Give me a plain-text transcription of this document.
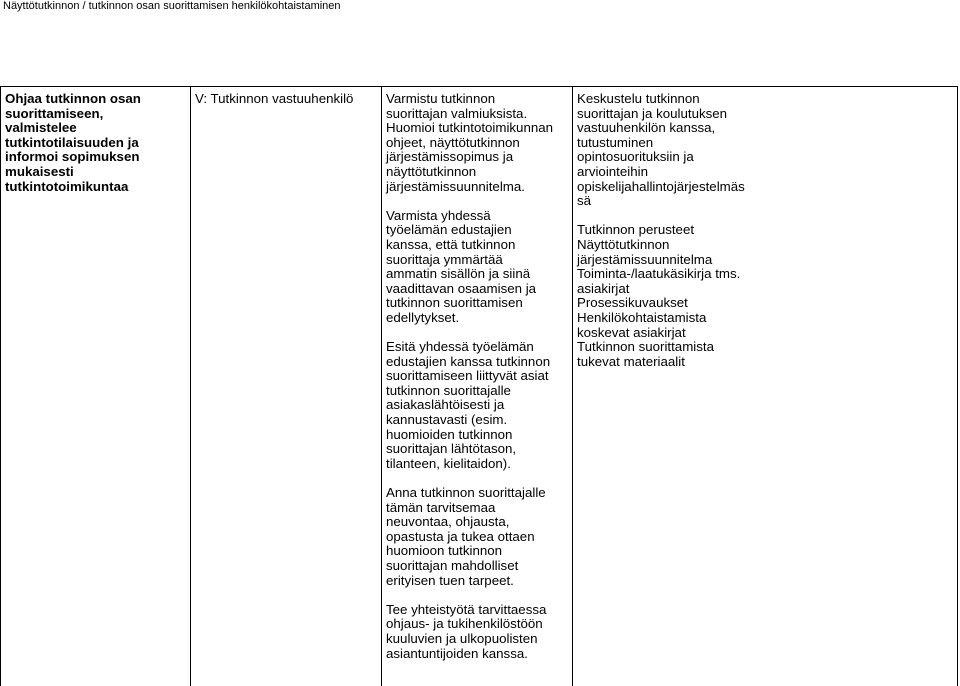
Näyttötutkinnon / tutkinnon osan suorittamisen henkilökohtaistaminen
Ohjaa tutkinnon osan
suorittamiseen,
valmistelee
tutkintotilaisuuden ja
informoi sopimuksen
mukaisesti
tutkintotoimikuntaa
V: Tutkinnon vastuuhenkilö	Varmistu tutkinnon
suorittajan valmiuksista.
Huomioi tutkintotoimikunnan
ohjeet, näyttötutkinnon
järjestämissopimus ja
näyttötutkinnon
järjestämissuunnitelma.
Varmista yhdessä
työelämän edustajien
kanssa, että tutkinnon
suorittaja ymmärtää
ammatin sisällön ja siinä
vaadittavan osaamisen ja
tutkinnon suorittamisen
edellytykset.
Esitä yhdessä työelämän
edustajien kanssa tutkinnon
suorittamiseen liittyvät asiat
tutkinnon suorittajalle
asiakaslähtöisesti ja
kannustavasti (esim.
huomioiden tutkinnon
suorittajan lähtötason,
tilanteen, kielitaidon).
Anna tutkinnon suorittajalle
tämän tarvitsemaa
neuvontaa, ohjausta,
opastusta ja tukea ottaen
huomioon tutkinnon
suorittajan mahdolliset
erityisen tuen tarpeet.
Tee yhteistyötä tarvittaessa
ohjaus- ja tukihenkilöstöön
kuuluvien ja ulkopuolisten
asiantuntijoiden kanssa.
Keskustelu tutkinnon
suorittajan ja koulutuksen
vastuuhenkilön kanssa,
tutustuminen
opintosuorituksiin ja
arviointeihin
opiskelijahallintojärjestelmäs
sä
Tutkinnon perusteet
Näyttötutkinnon
järjestämissuunnitelma
Toiminta-/laatukäsikirja tms.
asiakirjat
Prosessikuvaukset
Henkilökohtaistamista
koskevat asiakirjat
Tutkinnon suorittamista
tukevat materiaalit
